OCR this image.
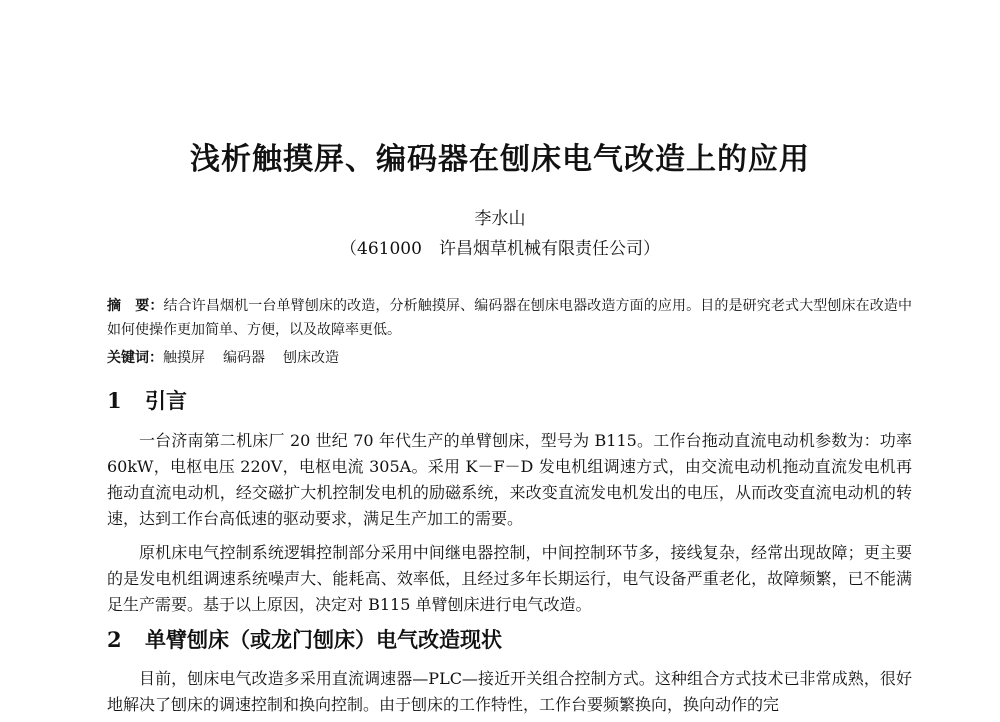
浅析触摸屏、编码器在刨床电气改造上的应用
李水山
（461000　许昌烟草机械有限责任公司）
摘　要：结合许昌烟机一台单臂刨床的改造，分析触摸屏、编码器在刨床电器改造方面的应用。目的是研究老式大型刨床在改造中如何使操作更加简单、方便，以及故障率更低。
关键词：触摸屏 编码器 刨床改造
1 引言
一台济南第二机床厂 20 世纪 70 年代生产的单臂刨床，型号为 B115。工作台拖动直流电动机参数为：功率 60kW，电枢电压 220V，电枢电流 305A。采用 K－F－D 发电机组调速方式，由交流电动机拖动直流发电机再拖动直流电动机，经交磁扩大机控制发电机的励磁系统，来改变直流发电机发出的电压，从而改变直流电动机的转速，达到工作台高低速的驱动要求，满足生产加工的需要。
原机床电气控制系统逻辑控制部分采用中间继电器控制，中间控制环节多，接线复杂，经常出现故障；更主要的是发电机组调速系统噪声大、能耗高、效率低，且经过多年长期运行，电气设备严重老化，故障频繁，已不能满足生产需要。基于以上原因，决定对 B115 单臂刨床进行电气改造。
2 单臂刨床（或龙门刨床）电气改造现状
目前，刨床电气改造多采用直流调速器—PLC—接近开关组合控制方式。这种组合方式技术已非常成熟，很好地解决了刨床的调速控制和换向控制。由于刨床的工作特性，工作台要频繁换向，换向动作的完
